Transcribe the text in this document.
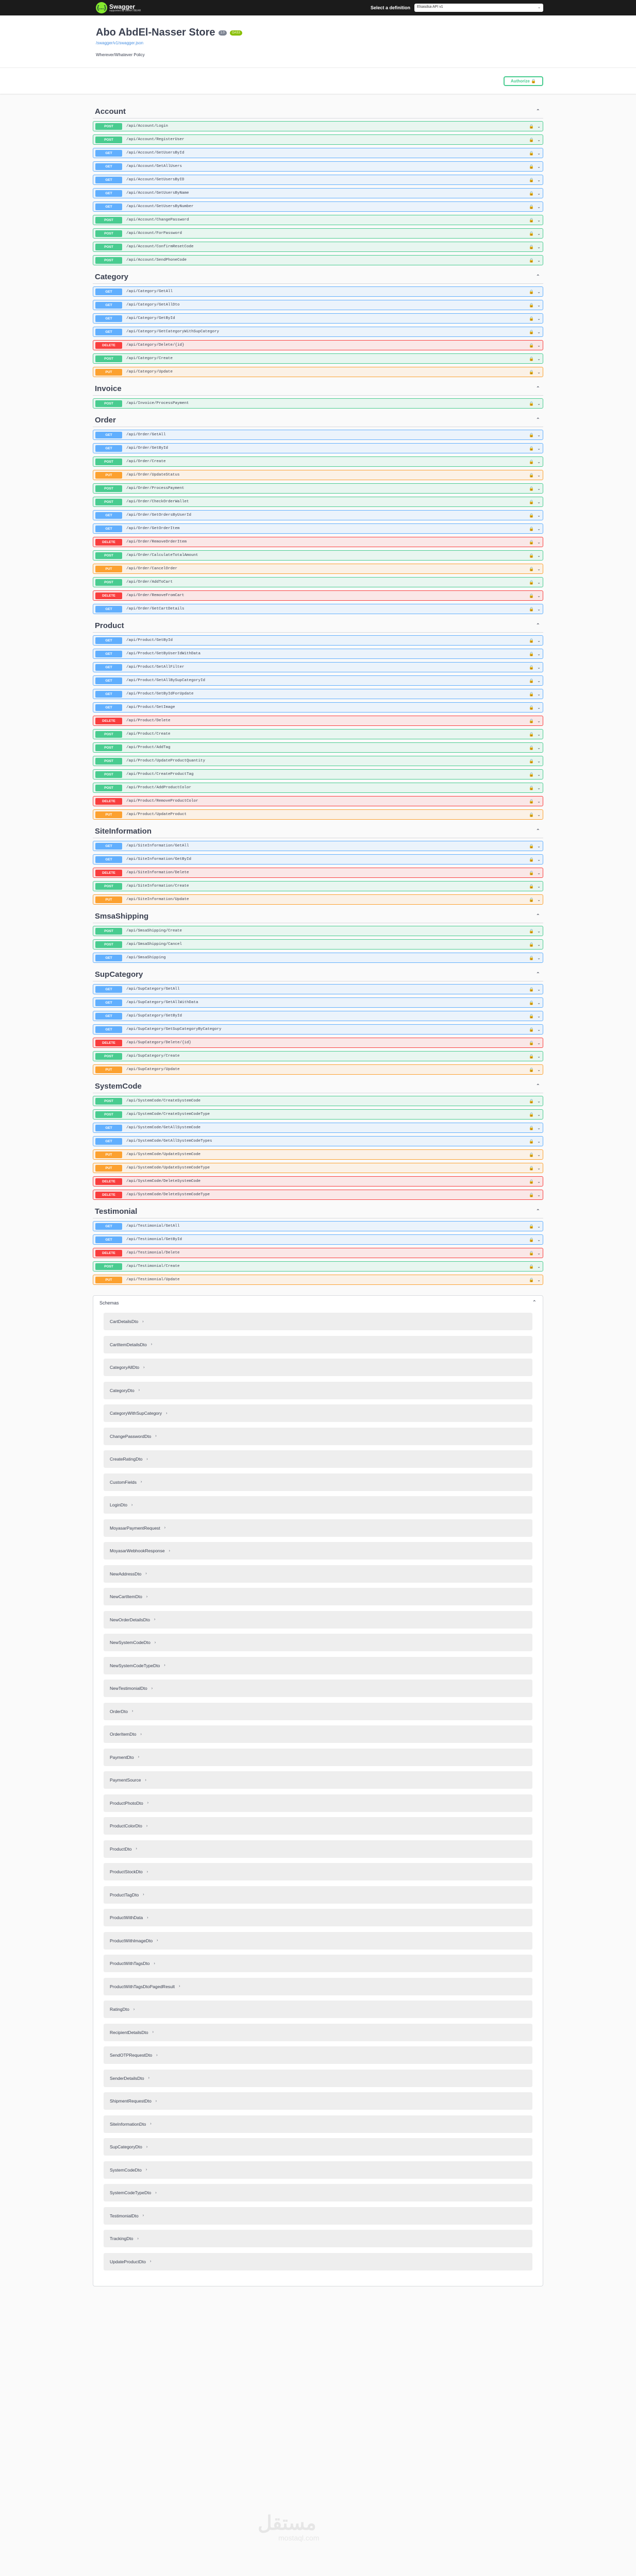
{...} Swagger
supported by SMARTBEAR
Select a definition Elsasdsa API v1	⌄
Abo AbdEl-Nasser Store	1.0	OAS3
/swagger/v1/swagger.json
Wherever/Whatever Policy
Authorize 🔒
Account	⌃
POST	/api/Account/Login	🔒 ⌄
POST	/api/Account/RegisterUser	🔒 ⌄
GET	/api/Account/GetUsersById	🔒 ⌄
GET	/api/Account/GetAllUsers	🔒 ⌄
GET	/api/Account/GetUsersByID	🔒 ⌄
GET	/api/Account/GetUsersByName	🔒 ⌄
GET	/api/Account/GetUsersByNumber	🔒 ⌄
POST	/api/Account/ChangePassword	🔒 ⌄
POST	/api/Account/ForPassword	🔒 ⌄
POST	/api/Account/ConfirmResetCode	🔒 ⌄
POST	/api/Account/SendPhoneCode	🔒 ⌄
Category	⌃
GET	/api/Category/GetAll	🔒 ⌄
GET	/api/Category/GetAllDto	🔒 ⌄
GET	/api/Category/GetById	🔒 ⌄
GET	/api/Category/GetCategoryWithSupCategory	🔒 ⌄
DELETE	/api/Category/Delete/{id}	🔒 ⌄
POST	/api/Category/Create	🔒 ⌄
PUT	/api/Category/Update	🔒 ⌄
Invoice	⌃
POST	/api/Invoice/ProcessPayment	🔒 ⌄
Order	⌃
GET	/api/Order/GetAll	🔒 ⌄
GET	/api/Order/GetById	🔒 ⌄
POST	/api/Order/Create	🔒 ⌄
PUT	/api/Order/UpdateStatus	🔒 ⌄
POST	/api/Order/ProcessPayment	🔒 ⌄
POST	/api/Order/CheckOrderWallet	🔒 ⌄
GET	/api/Order/GetOrdersByUserId	🔒 ⌄
GET	/api/Order/GetOrderItem	🔒 ⌄
DELETE	/api/Order/RemoveOrderItem	🔒 ⌄
POST	/api/Order/CalculateTotalAmount	🔒 ⌄
PUT	/api/Order/CancelOrder	🔒 ⌄
POST	/api/Order/AddToCart	🔒 ⌄
DELETE	/api/Order/RemoveFromCart	🔒 ⌄
GET	/api/Order/GetCartDetails	🔒 ⌄
Product	⌃
GET	/api/Product/GetById	🔒 ⌄
GET	/api/Product/GetByUserIdWithData	🔒 ⌄
GET	/api/Product/GetAllFilter	🔒 ⌄
GET	/api/Product/GetAllBySupCategoryId	🔒 ⌄
GET	/api/Product/GetByIdForUpdate	🔒 ⌄
GET	/api/Product/GetImage	🔒 ⌄
DELETE	/api/Product/Delete	🔒 ⌄
POST	/api/Product/Create	🔒 ⌄
POST	/api/Product/AddTag	🔒 ⌄
POST	/api/Product/UpdateProductQuantity	🔒 ⌄
POST	/api/Product/CreateProductTag	🔒 ⌄
POST	/api/Product/AddProductColor	🔒 ⌄
DELETE	/api/Product/RemoveProductColor	🔒 ⌄
PUT	/api/Product/UpdateProduct	🔒 ⌄
SiteInformation	⌃
GET	/api/SiteInformation/GetAll	🔒 ⌄
GET	/api/SiteInformation/GetById	🔒 ⌄
DELETE	/api/SiteInformation/Delete	🔒 ⌄
POST	/api/SiteInformation/Create	🔒 ⌄
PUT	/api/SiteInformation/Update	🔒 ⌄
SmsaShipping	⌃
POST	/api/SmsaShipping/Create	🔒 ⌄
POST	/api/SmsaShipping/Cancel	🔒 ⌄
GET	/api/SmsaShipping	🔒 ⌄
SupCategory	⌃
GET	/api/SupCategory/GetAll	🔒 ⌄
GET	/api/SupCategory/GetAllWithData	🔒 ⌄
GET	/api/SupCategory/GetById	🔒 ⌄
GET	/api/SupCategory/GetSupCategoryByCategory	🔒 ⌄
DELETE	/api/SupCategory/Delete/{id}	🔒 ⌄
POST	/api/SupCategory/Create	🔒 ⌄
PUT	/api/SupCategory/Update	🔒 ⌄
SystemCode	⌃
POST	/api/SystemCode/CreateSystemCode	🔒 ⌄
POST	/api/SystemCode/CreateSystemCodeType	🔒 ⌄
GET	/api/SystemCode/GetAllSystemCode	🔒 ⌄
GET	/api/SystemCode/GetAllSystemCodeTypes	🔒 ⌄
PUT	/api/SystemCode/UpdateSystemCode	🔒 ⌄
PUT	/api/SystemCode/UpdateSystemCodeType	🔒 ⌄
DELETE	/api/SystemCode/DeleteSystemCode	🔒 ⌄
DELETE	/api/SystemCode/DeleteSystemCodeType	🔒 ⌄
Testimonial	⌃
GET	/api/Testimonial/GetAll	🔒 ⌄
GET	/api/Testimonial/GetById	🔒 ⌄
DELETE	/api/Testimonial/Delete	🔒 ⌄
POST	/api/Testimonial/Create	🔒 ⌄
PUT	/api/Testimonial/Update	🔒 ⌄
Schemas	⌃
CartDetailsDto ›
CartItemDetailsDto ›
CategoryAllDto ›
CategoryDto ›
CategoryWithSupCategory ›
ChangePasswordDto ›
CreateRatingDto ›
CustomFields ›
LoginDto ›
MoyasarPaymentRequest ›
MoyasarWebhookResponse ›
NewAddressDto ›
NewCartItemDto ›
NewOrderDetailsDto ›
NewSystemCodeDto ›
NewSystemCodeTypeDto ›
NewTestimonialDto ›
OrderDto ›
OrderItemDto ›
PaymentDto ›
PaymentSource ›
ProductPhotoDto ›
ProductColorDto ›
ProductDto ›
ProductStockDto ›
ProductTagDto ›
ProductWithData ›
ProductWithImageDto ›
ProductWithTagsDto ›
ProductWithTagsDtoPagedResult ›
RatingDto ›
RecipientDetailsDto ›
SendOTPRequestDto ›
SenderDetailsDto ›
ShipmentRequestDto ›
SiteInformationDto ›
SupCategoryDto ›
SystemCodeDto ›
SystemCodeTypeDto ›
TestimonialDto ›
TrackingDto ›
UpdateProductDto ›
مستقل
mostaql.com
